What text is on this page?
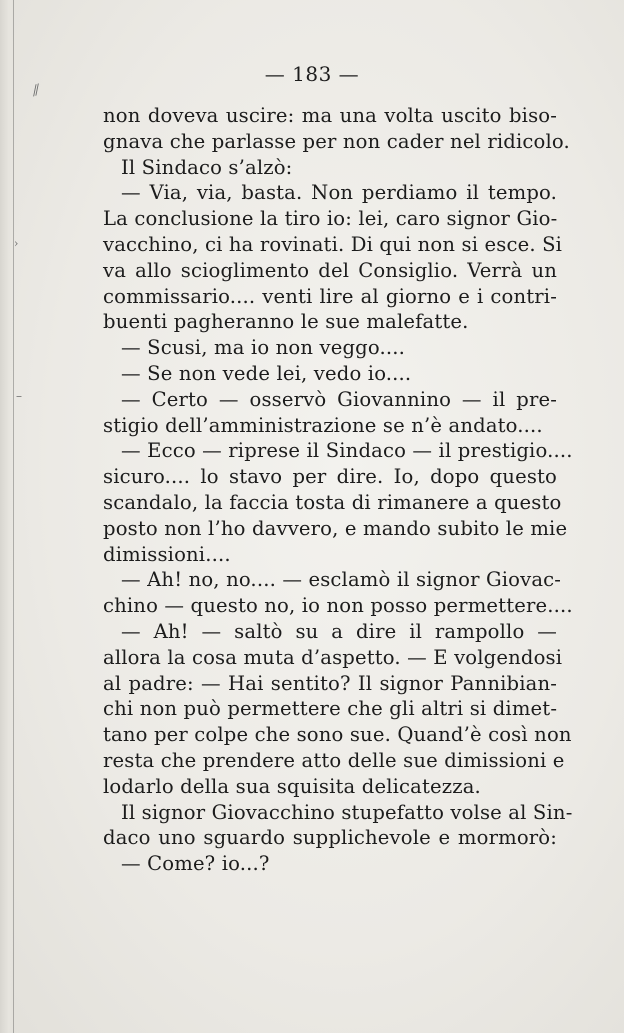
⁄⁄
›
–
— 183 —
non doveva uscire: ma una volta uscito biso-
gnava che parlasse per non cader nel ridicolo.
Il Sindaco s’alzò:
— Via, via, basta. Non perdiamo il tempo.
La conclusione la tiro io: lei, caro signor Gio-
vacchino, ci ha rovinati. Di qui non si esce. Si
va allo scioglimento del Consiglio. Verrà un
commissario.... venti lire al giorno e i contri-
buenti pagheranno le sue malefatte.
— Scusi, ma io non veggo....
— Se non vede lei, vedo io....
— Certo — osservò Giovannino — il pre-
stigio dell’amministrazione se n’è andato....
— Ecco — riprese il Sindaco — il prestigio....
sicuro.... lo stavo per dire. Io, dopo questo
scandalo, la faccia tosta di rimanere a questo
posto non l’ho davvero, e mando subito le mie
dimissioni....
— Ah! no, no.... — esclamò il signor Giovac-
chino — questo no, io non posso permettere....
— Ah! — saltò su a dire il rampollo —
allora la cosa muta d’aspetto. — E volgendosi
al padre: — Hai sentito? Il signor Pannibian-
chi non può permettere che gli altri si dimet-
tano per colpe che sono sue. Quand’è così non
resta che prendere atto delle sue dimissioni e
lodarlo della sua squisita delicatezza.
Il signor Giovacchino stupefatto volse al Sin-
daco uno sguardo supplichevole e mormorò:
— Come? io...?
